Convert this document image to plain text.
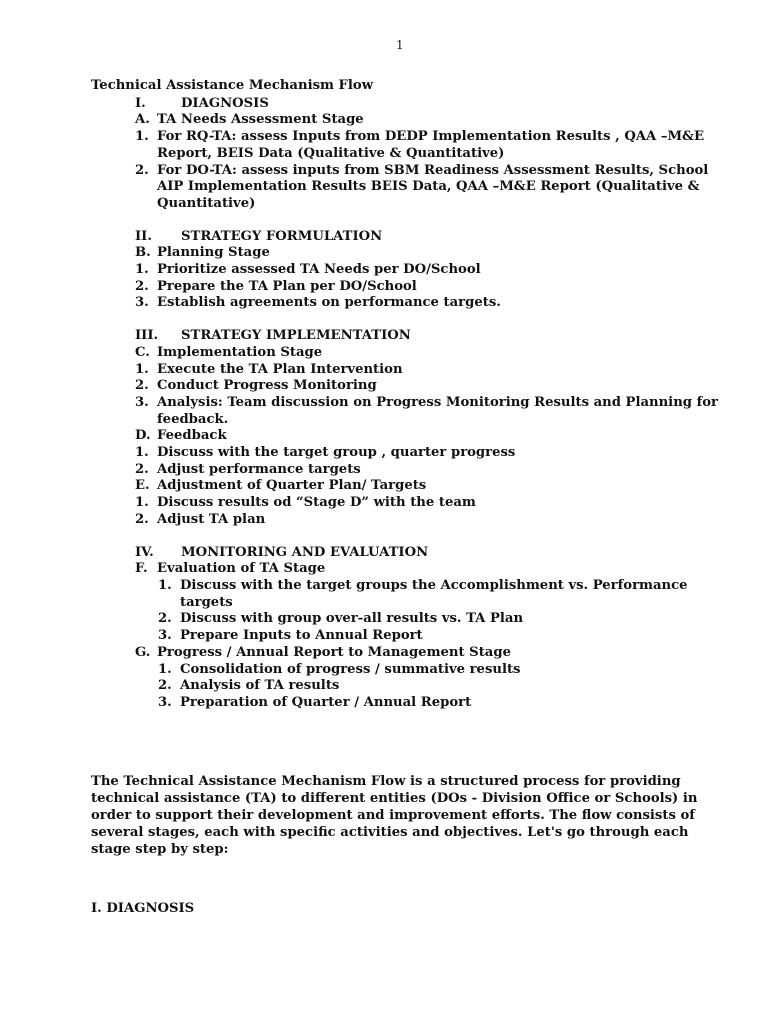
1
Technical Assistance Mechanism Flow
I.	DIAGNOSIS
A. TA Needs Assessment Stage
1. For RQ-TA: assess Inputs from DEDP Implementation Results , QAA –M&E Report, BEIS Data (Qualitative & Quantitative)
2. For DO-TA: assess inputs from SBM Readiness Assessment Results, School AIP Implementation Results BEIS Data, QAA –M&E Report (Qualitative & Quantitative)
II.	STRATEGY FORMULATION
B. Planning Stage
1. Prioritize assessed TA Needs per DO/School
2. Prepare the TA Plan per DO/School
3. Establish agreements on performance targets.
III.	STRATEGY IMPLEMENTATION
C. Implementation Stage
1. Execute the TA Plan Intervention
2. Conduct Progress Monitoring
3. Analysis: Team discussion on Progress Monitoring Results and Planning for feedback.
D. Feedback
1. Discuss with the target group , quarter progress
2. Adjust performance targets
E. Adjustment of Quarter Plan/ Targets
1. Discuss results od “Stage D” with the team
2. Adjust TA plan
IV.	MONITORING AND EVALUATION
F. Evaluation of TA Stage
1. Discuss with the target groups the Accomplishment vs. Performance targets
2. Discuss with group over-all results vs. TA Plan
3. Prepare Inputs to Annual Report
G. Progress / Annual Report to Management Stage
1. Consolidation of progress / summative results
2. Analysis of TA results
3. Preparation of Quarter / Annual Report
The Technical Assistance Mechanism Flow is a structured process for providing technical assistance (TA) to different entities (DOs - Division Office or Schools) in order to support their development and improvement efforts. The flow consists of several stages, each with specific activities and objectives. Let's go through each stage step by step:
I. DIAGNOSIS
